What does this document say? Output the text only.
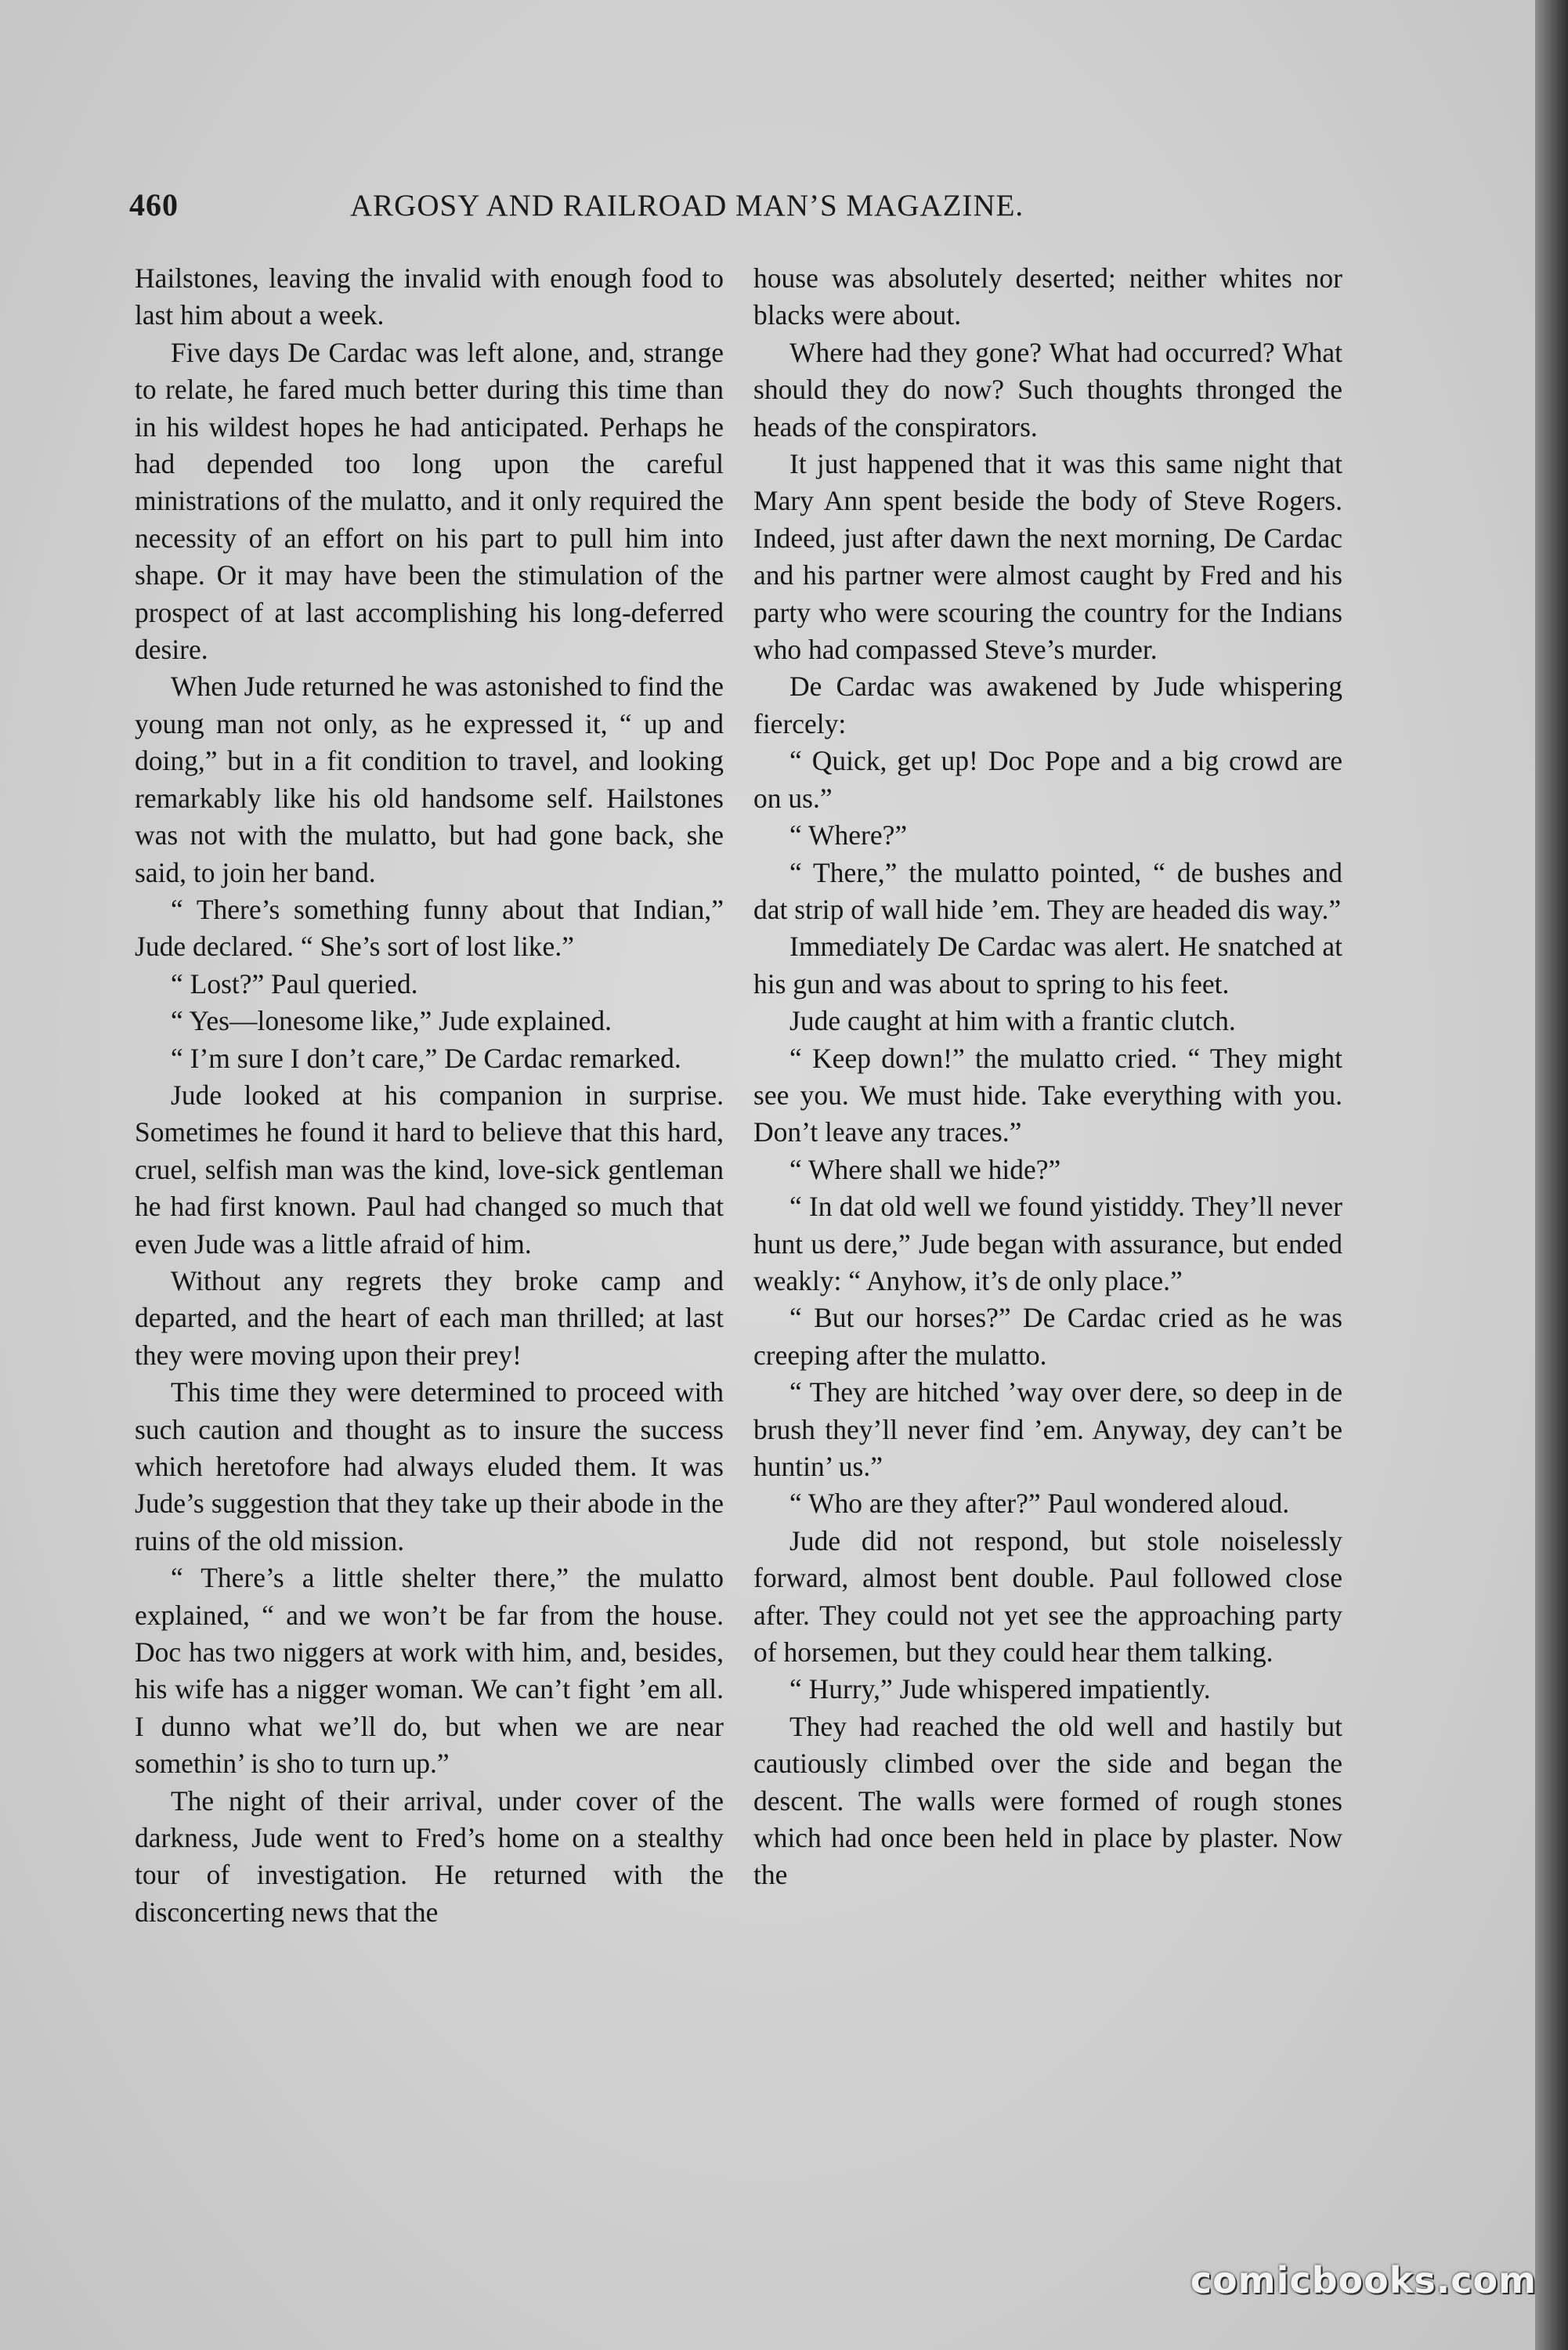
460	ARGOSY AND RAILROAD MAN’S MAGAZINE.

Hailstones, leaving the invalid with enough food to last him about a week.

Five days De Cardac was left alone, and, strange to relate, he fared much better during this time than in his wildest hopes he had anticipated. Perhaps he had depended too long upon the careful ministrations of the mulatto, and it only required the necessity of an effort on his part to pull him into shape. Or it may have been the stimulation of the prospect of at last accomplishing his long-deferred desire.

When Jude returned he was astonished to find the young man not only, as he expressed it, “ up and doing,” but in a fit condition to travel, and looking remarkably like his old handsome self. Hailstones was not with the mulatto, but had gone back, she said, to join her band.

“ There’s something funny about that Indian,” Jude declared. “ She’s sort of lost like.”

“ Lost?” Paul queried.

“ Yes—lonesome like,” Jude explained.

“ I’m sure I don’t care,” De Cardac remarked.

Jude looked at his companion in surprise. Sometimes he found it hard to believe that this hard, cruel, selfish man was the kind, love-sick gentleman he had first known. Paul had changed so much that even Jude was a little afraid of him.

Without any regrets they broke camp and departed, and the heart of each man thrilled; at last they were moving upon their prey!

This time they were determined to proceed with such caution and thought as to insure the success which heretofore had always eluded them. It was Jude’s suggestion that they take up their abode in the ruins of the old mission.

“ There’s a little shelter there,” the mulatto explained, “ and we won’t be far from the house. Doc has two niggers at work with him, and, besides, his wife has a nigger woman. We can’t fight ’em all. I dunno what we’ll do, but when we are near somethin’ is sho to turn up.”

The night of their arrival, under cover of the darkness, Jude went to Fred’s home on a stealthy tour of investigation. He returned with the disconcerting news that the

house was absolutely deserted; neither whites nor blacks were about.

Where had they gone? What had occurred? What should they do now? Such thoughts thronged the heads of the conspirators.

It just happened that it was this same night that Mary Ann spent beside the body of Steve Rogers. Indeed, just after dawn the next morning, De Cardac and his partner were almost caught by Fred and his party who were scouring the country for the Indians who had compassed Steve’s murder.

De Cardac was awakened by Jude whispering fiercely:

“ Quick, get up! Doc Pope and a big crowd are on us.”

“ Where?”

“ There,” the mulatto pointed, “ de bushes and dat strip of wall hide ’em. They are headed dis way.”

Immediately De Cardac was alert. He snatched at his gun and was about to spring to his feet.

Jude caught at him with a frantic clutch.

“ Keep down!” the mulatto cried. “ They might see you. We must hide. Take everything with you. Don’t leave any traces.”

“ Where shall we hide?”

“ In dat old well we found yistiddy. They’ll never hunt us dere,” Jude began with assurance, but ended weakly: “ Anyhow, it’s de only place.”

“ But our horses?” De Cardac cried as he was creeping after the mulatto.

“ They are hitched ’way over dere, so deep in de brush they’ll never find ’em. Anyway, dey can’t be huntin’ us.”

“ Who are they after?” Paul wondered aloud.

Jude did not respond, but stole noiselessly forward, almost bent double. Paul followed close after. They could not yet see the approaching party of horsemen, but they could hear them talking.

“ Hurry,” Jude whispered impatiently.

They had reached the old well and hastily but cautiously climbed over the side and began the descent. The walls were formed of rough stones which had once been held in place by plaster. Now the

comicbooks.com
